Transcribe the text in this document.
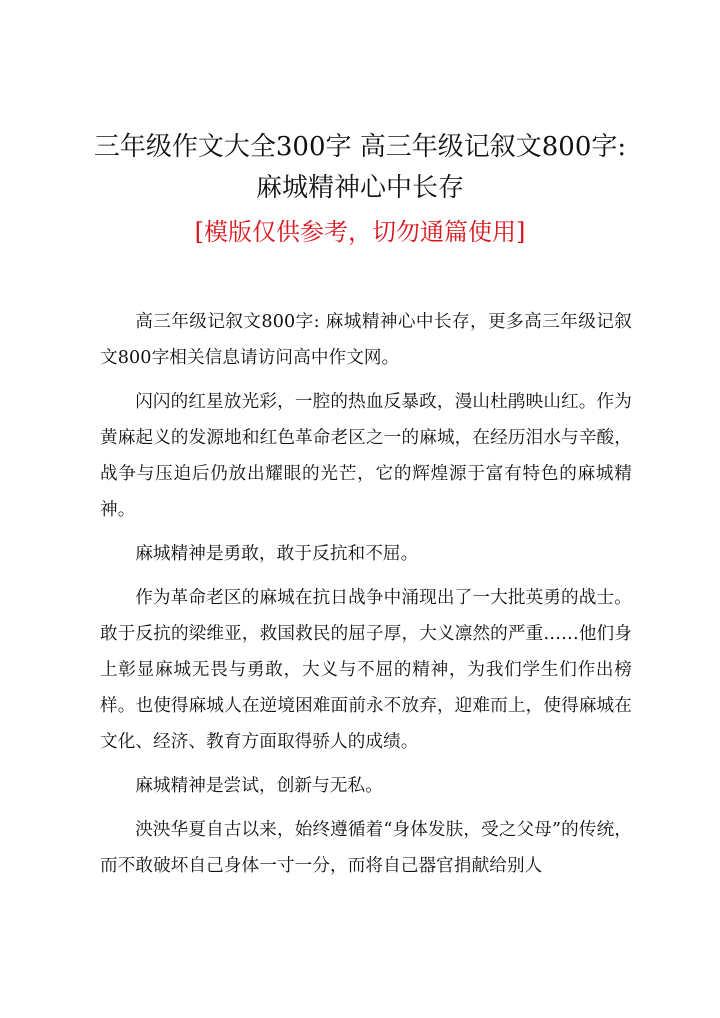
三年级作文大全300字 高三年级记叙文800字:
麻城精神心中长存
[模版仅供参考，切勿通篇使用]

高三年级记叙文800字: 麻城精神心中长存，更多高三年级记叙文800字相关信息请访问高中作文网。

闪闪的红星放光彩，一腔的热血反暴政，漫山杜鹃映山红。作为黄麻起义的发源地和红色革命老区之一的麻城，在经历泪水与辛酸，战争与压迫后仍放出耀眼的光芒，它的辉煌源于富有特色的麻城精神。

麻城精神是勇敢，敢于反抗和不屈。

作为革命老区的麻城在抗日战争中涌现出了一大批英勇的战士。敢于反抗的梁维亚，救国救民的屈子厚，大义凛然的严重……他们身上彰显麻城无畏与勇敢，大义与不屈的精神，为我们学生们作出榜样。也使得麻城人在逆境困难面前永不放弃，迎难而上，使得麻城在文化、经济、教育方面取得骄人的成绩。

麻城精神是尝试，创新与无私。

泱泱华夏自古以来，始终遵循着“身体发肤，受之父母”的传统，而不敢破坏自己身体一寸一分，而将自己器官捐献给别人
